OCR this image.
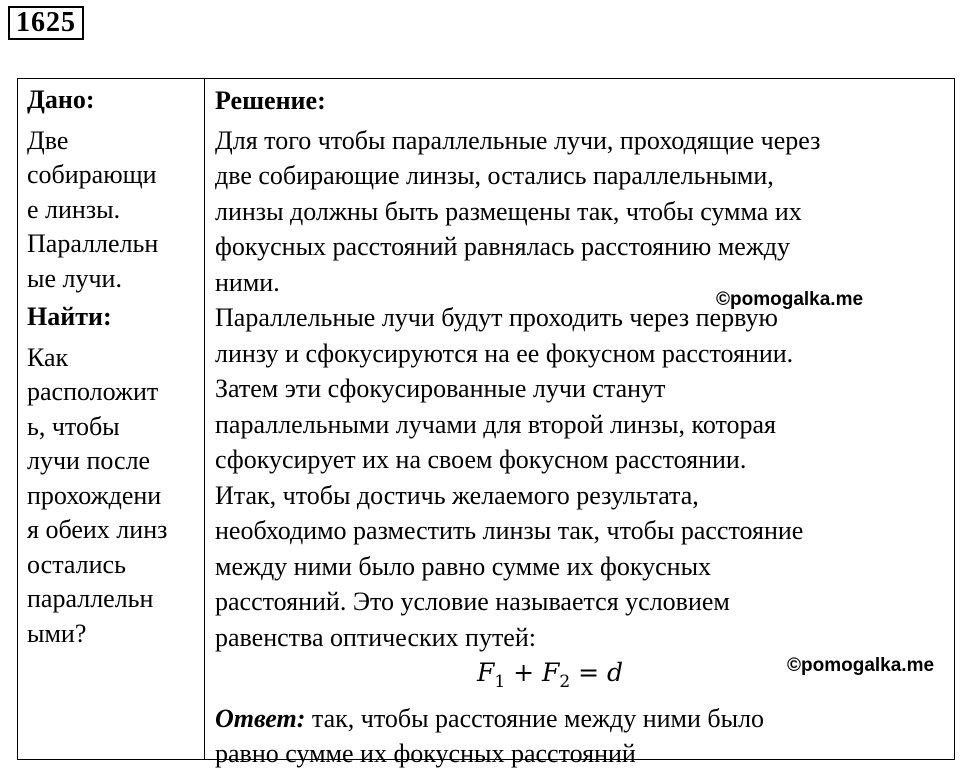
1625
Дано:
Две
собирающи
е линзы.
Параллельн
ые лучи.
Найти:
Как
расположит
ь, чтобы
лучи после
прохождени
я обеих линз
остались
параллельн
ыми?
Решение:
Для того чтобы параллельные лучи, проходящие через
две собирающие линзы, остались параллельными,
линзы должны быть размещены так, чтобы сумма их
фокусных расстояний равнялась расстоянию между
ними.
Параллельные лучи будут проходить через первую
линзу и сфокусируются на ее фокусном расстоянии.
Затем эти сфокусированные лучи станут
параллельными лучами для второй линзы, которая
сфокусирует их на своем фокусном расстоянии.
Итак, чтобы достичь желаемого результата,
необходимо разместить линзы так, чтобы расстояние
между ними было равно сумме их фокусных
расстояний. Это условие называется условием
равенства оптических путей:
$F_1 + F_2 = d$
Ответ: так, чтобы расстояние между ними было
равно сумме их фокусных расстояний
©pomogalka.me
©pomogalka.me
